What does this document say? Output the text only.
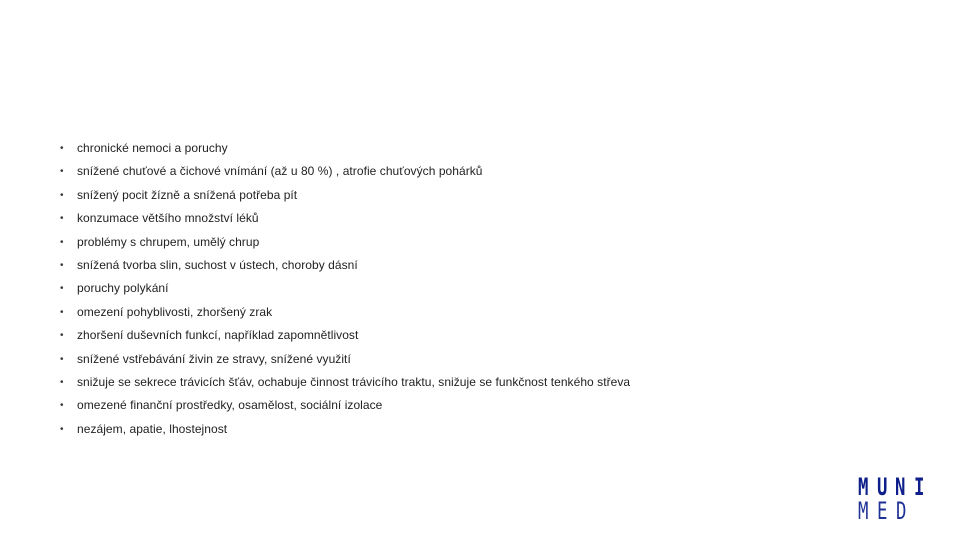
•	chronické nemoci a poruchy
•	snížené chuťové a čichové vnímání (až u 80 %) , atrofie chuťových pohárků
•	snížený pocit žízně a snížená potřeba pít
•	konzumace většího množství léků
•	problémy s chrupem, umělý chrup
•	snížená tvorba slin, suchost v ústech, choroby dásní
•	poruchy polykání
•	omezení pohyblivosti, zhoršený zrak
•	zhoršení duševních funkcí, například zapomnětlivost
•	snížené vstřebávání živin ze stravy, snížené využití
•	snižuje se sekrece trávicích šťáv, ochabuje činnost trávicího traktu, snižuje se funkčnost tenkého střeva
•	omezené finanční prostředky, osamělost, sociální izolace
•	nezájem, apatie, lhostejnost
M U N I
M E D
